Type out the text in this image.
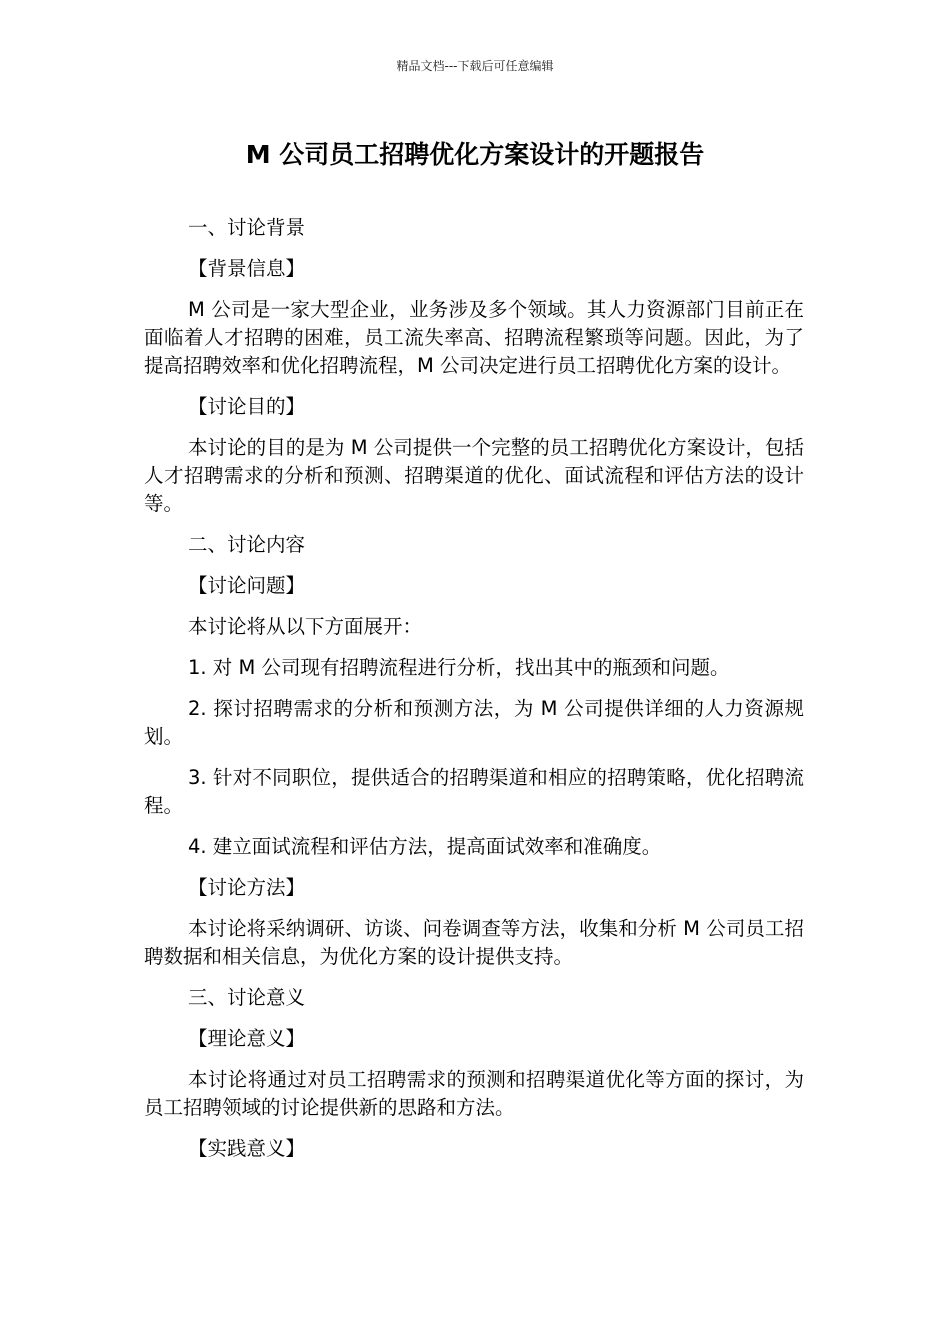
精品文档---下载后可任意编辑
M 公司员工招聘优化方案设计的开题报告

一、讨论背景

【背景信息】

M 公司是一家大型企业，业务涉及多个领域。其人力资源部门目前正在面临着人才招聘的困难，员工流失率高、招聘流程繁琐等问题。因此，为了提高招聘效率和优化招聘流程，M 公司决定进行员工招聘优化方案的设计。

【讨论目的】

本讨论的目的是为 M 公司提供一个完整的员工招聘优化方案设计，包括人才招聘需求的分析和预测、招聘渠道的优化、面试流程和评估方法的设计等。

二、讨论内容

【讨论问题】

本讨论将从以下方面展开：

1. 对 M 公司现有招聘流程进行分析，找出其中的瓶颈和问题。

2. 探讨招聘需求的分析和预测方法，为 M 公司提供详细的人力资源规划。

3. 针对不同职位，提供适合的招聘渠道和相应的招聘策略，优化招聘流程。

4. 建立面试流程和评估方法，提高面试效率和准确度。

【讨论方法】

本讨论将采纳调研、访谈、问卷调查等方法，收集和分析 M 公司员工招聘数据和相关信息，为优化方案的设计提供支持。

三、讨论意义

【理论意义】

本讨论将通过对员工招聘需求的预测和招聘渠道优化等方面的探讨，为员工招聘领域的讨论提供新的思路和方法。

【实践意义】
